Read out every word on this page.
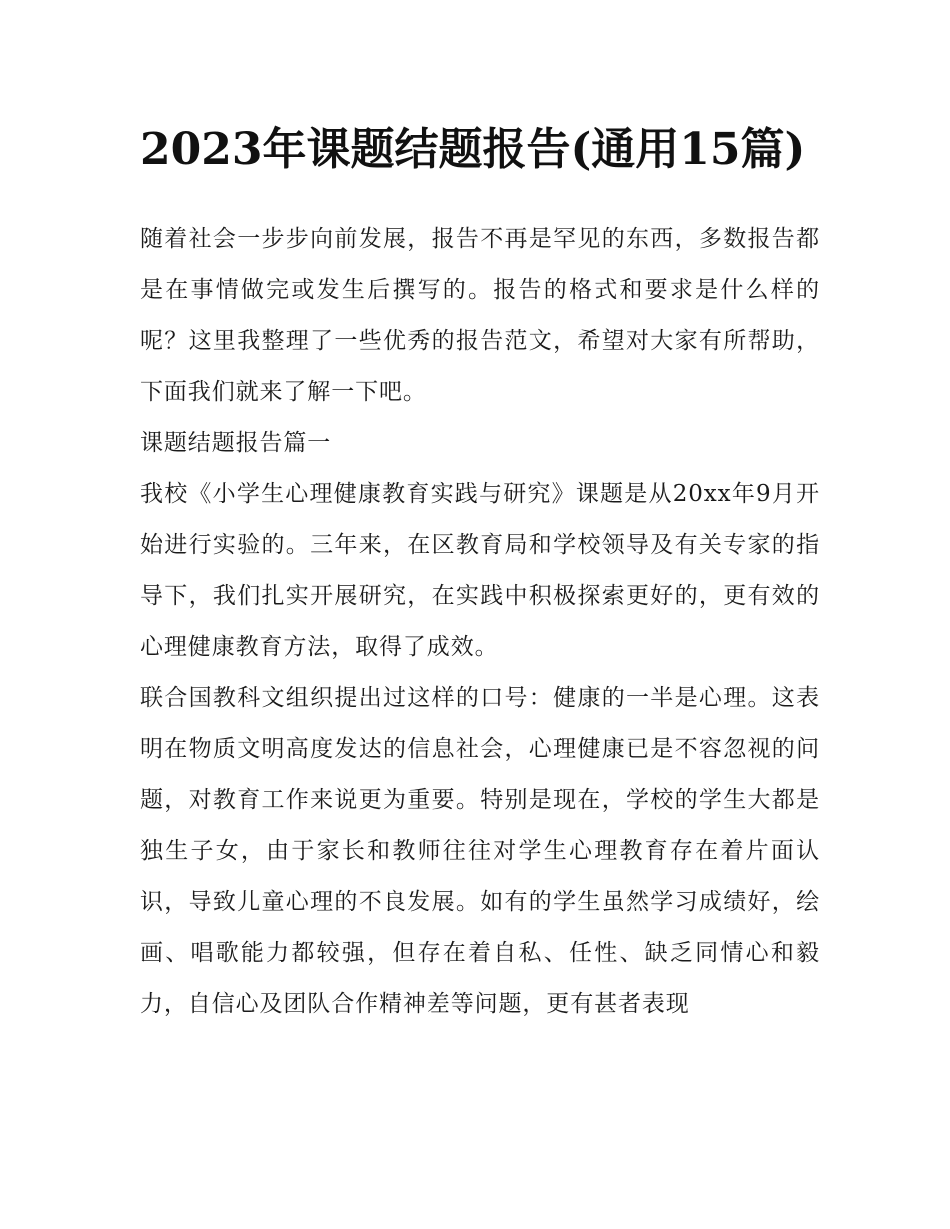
2023年课题结题报告(通用15篇)

随着社会一步步向前发展，报告不再是罕见的东西，多数报告都是在事情做完或发生后撰写的。报告的格式和要求是什么样的呢？这里我整理了一些优秀的报告范文，希望对大家有所帮助，下面我们就来了解一下吧。

课题结题报告篇一

我校《小学生心理健康教育实践与研究》课题是从20xx年9月开始进行实验的。三年来，在区教育局和学校领导及有关专家的指导下，我们扎实开展研究，在实践中积极探索更好的，更有效的心理健康教育方法，取得了成效。

联合国教科文组织提出过这样的口号：健康的一半是心理。这表明在物质文明高度发达的信息社会，心理健康已是不容忽视的问题，对教育工作来说更为重要。特别是现在，学校的学生大都是独生子女，由于家长和教师往往对学生心理教育存在着片面认识，导致儿童心理的不良发展。如有的学生虽然学习成绩好，绘画、唱歌能力都较强，但存在着自私、任性、缺乏同情心和毅力，自信心及团队合作精神差等问题，更有甚者表现
